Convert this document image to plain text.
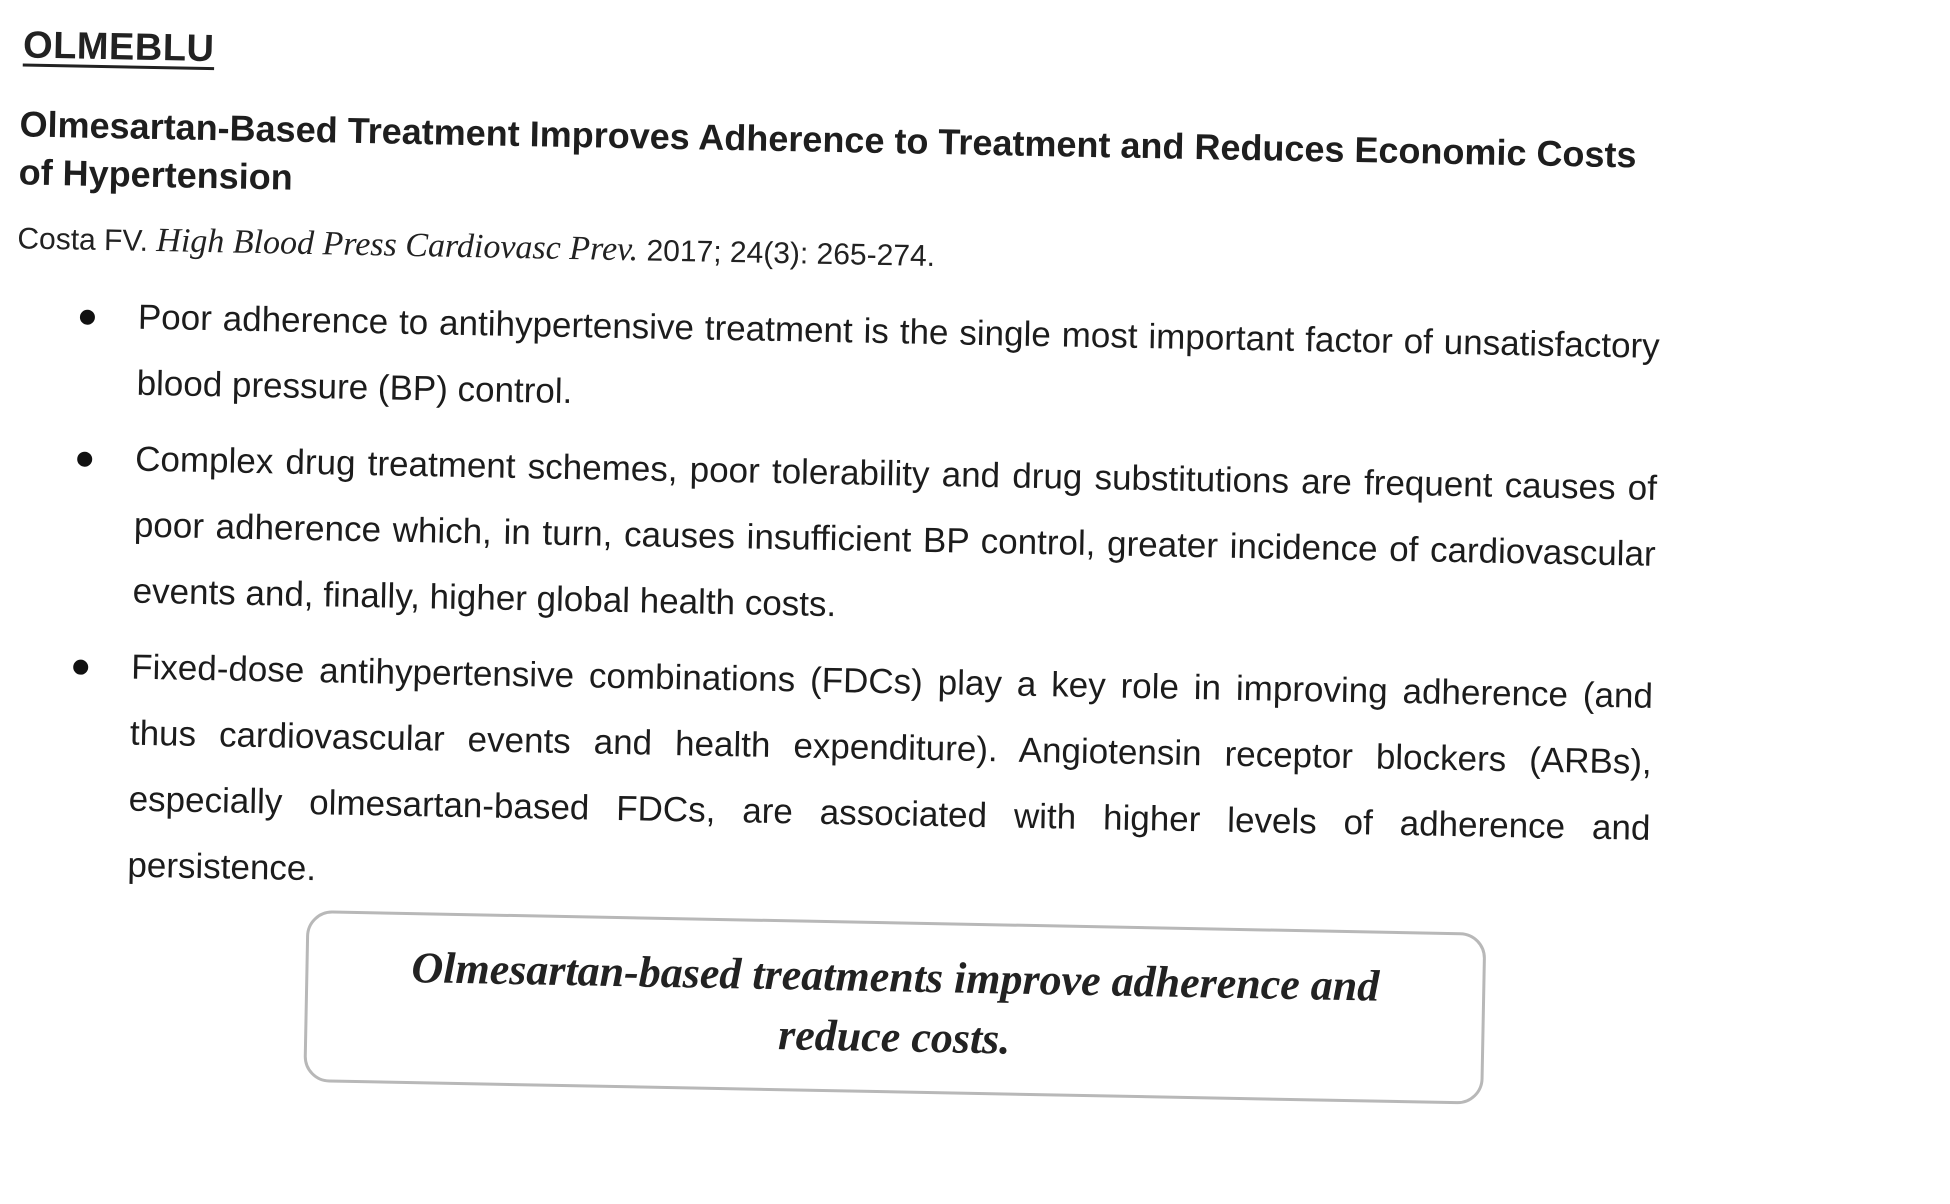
OLMEBLU
Olmesartan-Based Treatment Improves Adherence to Treatment and Reduces Economic Costs of Hypertension

Costa FV. High Blood Press Cardiovasc Prev. 2017; 24(3): 265-274.

Poor adherence to antihypertensive treatment is the single most important factor of unsatisfactory blood pressure (BP) control.
Complex drug treatment schemes, poor tolerability and drug substitutions are frequent causes of poor adherence which, in turn, causes insufficient BP control, greater incidence of cardiovascular events and, finally, higher global health costs.
Fixed-dose antihypertensive combinations (FDCs) play a key role in improving adherence (and thus cardiovascular events and health expenditure). Angiotensin receptor blockers (ARBs), especially olmesartan-based FDCs, are associated with higher levels of adherence and persistence.

Olmesartan-based treatments improve adherence and reduce costs.
